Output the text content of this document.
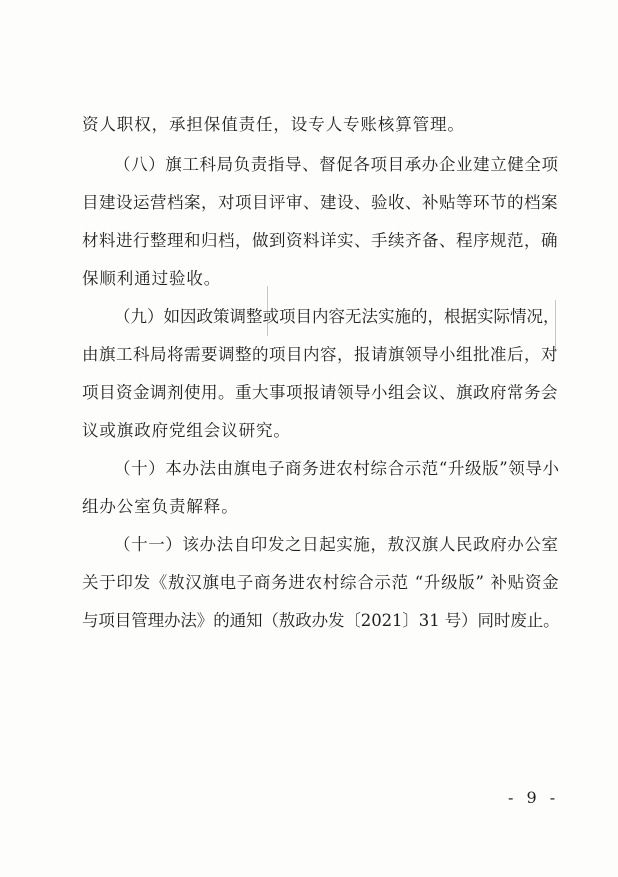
资人职权，承担保值责任，设专人专账核算管理。
（八）旗工科局负责指导、督促各项目承办企业建立健全项
目建设运营档案，对项目评审、建设、验收、补贴等环节的档案
材料进行整理和归档，做到资料详实、手续齐备、程序规范，确
保顺利通过验收。
（九）如因政策调整或项目内容无法实施的，根据实际情况，
由旗工科局将需要调整的项目内容，报请旗领导小组批准后，对
项目资金调剂使用。重大事项报请领导小组会议、旗政府常务会
议或旗政府党组会议研究。
（十）本办法由旗电子商务进农村综合示范“升级版”领导小
组办公室负责解释。
（十一）该办法自印发之日起实施，敖汉旗人民政府办公室
关于印发《敖汉旗电子商务进农村综合示范 “升级版” 补贴资金
与项目管理办法》的通知（敖政办发〔2021〕31 号）同时废止。
- 9 -
